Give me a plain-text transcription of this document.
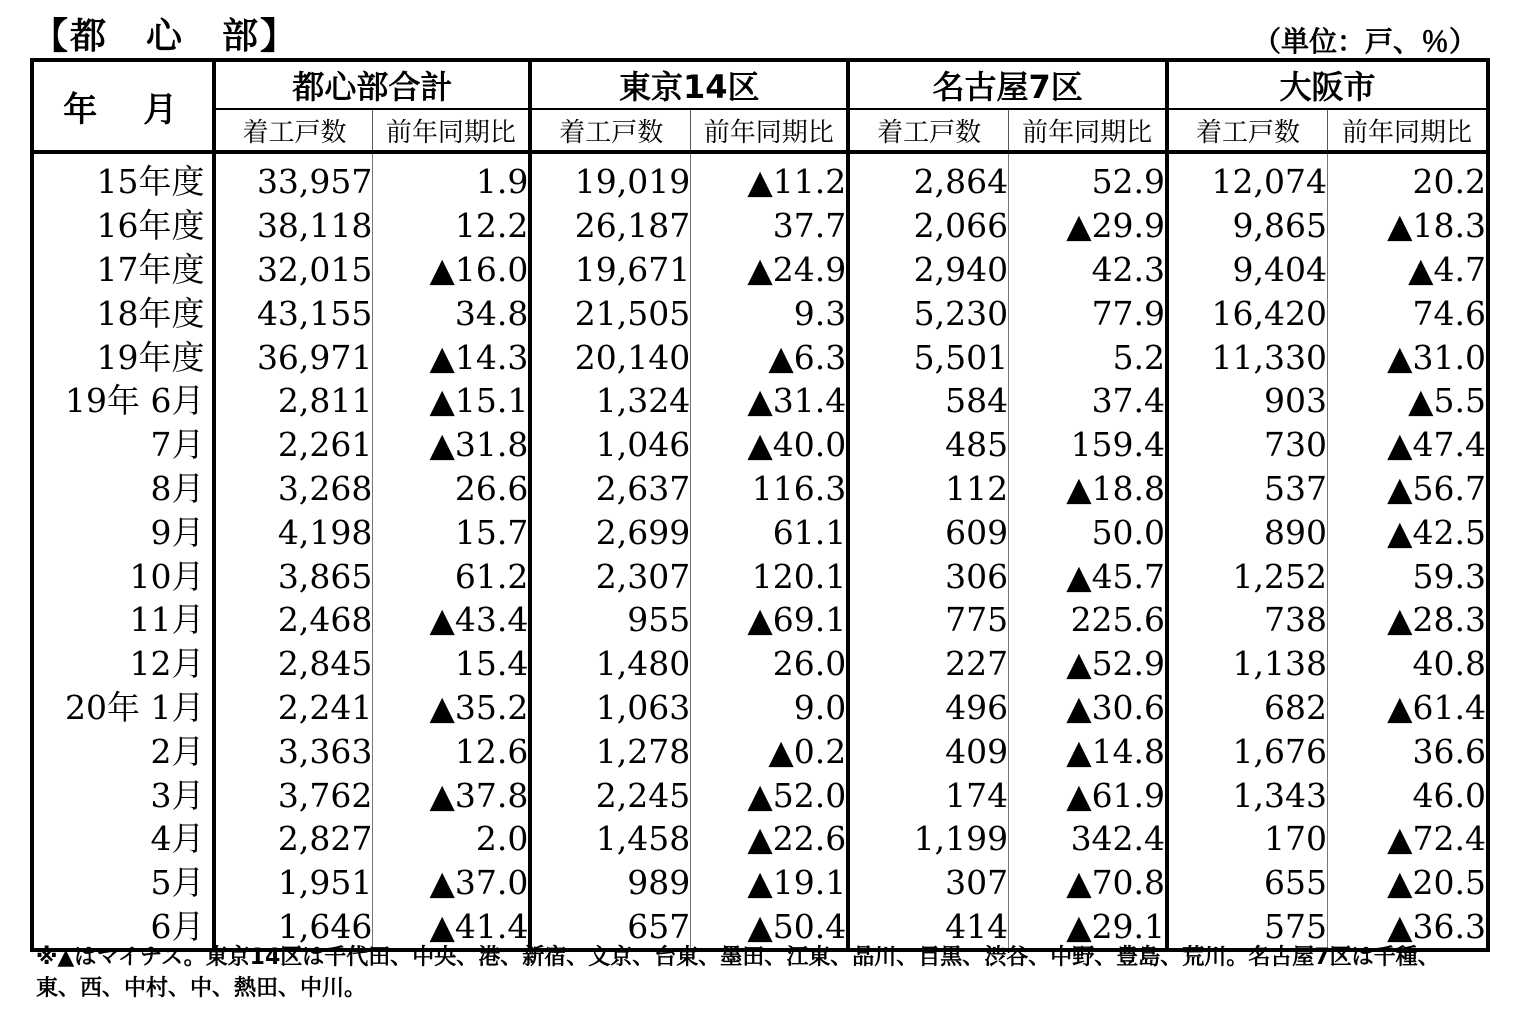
【都　心　部】	（単位：戸、％）
年　月	都心部合計		東京14区		名古屋7区		大阪市	
	着工戸数	前年同期比	着工戸数	前年同期比	着工戸数	前年同期比	着工戸数	前年同期比
15年度	33,957	1.9	19,019	▲11.2	2,864	52.9	12,074	20.2
16年度	38,118	12.2	26,187	37.7	2,066	▲29.9	9,865	▲18.3
17年度	32,015	▲16.0	19,671	▲24.9	2,940	42.3	9,404	▲4.7
18年度	43,155	34.8	21,505	9.3	5,230	77.9	16,420	74.6
19年度	36,971	▲14.3	20,140	▲6.3	5,501	5.2	11,330	▲31.0
19年 6月	2,811	▲15.1	1,324	▲31.4	584	37.4	903	▲5.5
7月	2,261	▲31.8	1,046	▲40.0	485	159.4	730	▲47.4
8月	3,268	26.6	2,637	116.3	112	▲18.8	537	▲56.7
9月	4,198	15.7	2,699	61.1	609	50.0	890	▲42.5
10月	3,865	61.2	2,307	120.1	306	▲45.7	1,252	59.3
11月	2,468	▲43.4	955	▲69.1	775	225.6	738	▲28.3
12月	2,845	15.4	1,480	26.0	227	▲52.9	1,138	40.8
20年 1月	2,241	▲35.2	1,063	9.0	496	▲30.6	682	▲61.4
2月	3,363	12.6	1,278	▲0.2	409	▲14.8	1,676	36.6
3月	3,762	▲37.8	2,245	▲52.0	174	▲61.9	1,343	46.0
4月	2,827	2.0	1,458	▲22.6	1,199	342.4	170	▲72.4
5月	1,951	▲37.0	989	▲19.1	307	▲70.8	655	▲20.5
6月	1,646	▲41.4	657	▲50.4	414	▲29.1	575	▲36.3
※▲はマイナス。東京14区は千代田、中央、港、新宿、文京、台東、墨田、江東、品川、目黒、渋谷、中野、豊島、荒川。名古屋7区は千種、東、西、中村、中、熱田、中川。
